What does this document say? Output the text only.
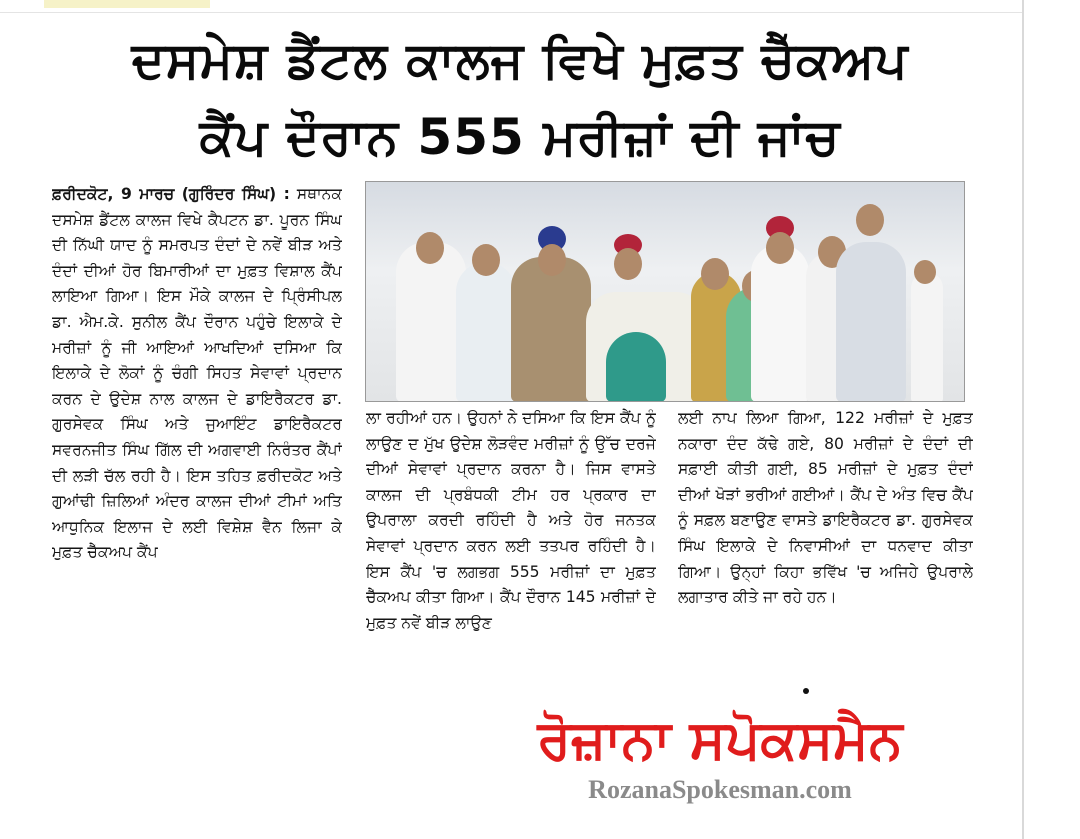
ਦਸਮੇਸ਼ ਡੈਂਟਲ ਕਾਲਜ ਵਿਖੇ ਮੁਫ਼ਤ ਚੈੱਕਅਪ
ਕੈਂਪ ਦੌਰਾਨ 555 ਮਰੀਜ਼ਾਂ ਦੀ ਜਾਂਚ
ਫ਼ਰੀਦਕੋਟ, 9 ਮਾਰਚ (ਗੁਰਿੰਦਰ ਸਿੰਘ) : ਸਥਾਨਕ ਦਸਮੇਸ਼ ਡੈਂਟਲ ਕਾਲਜ ਵਿਖੇ ਕੈਪਟਨ ਡਾ. ਪੂਰਨ ਸਿੰਘ ਦੀ ਨਿੱਘੀ ਯਾਦ ਨੂੰ ਸਮਰਪਤ ਦੰਦਾਂ ਦੇ ਨਵੇਂ ਬੀੜ ਅਤੇ ਦੰਦਾਂ ਦੀਆਂ ਹੋਰ ਬਿਮਾਰੀਆਂ ਦਾ ਮੁਫ਼ਤ ਵਿਸ਼ਾਲ ਕੈਂਪ ਲਾਇਆ ਗਿਆ। ਇਸ ਮੌਕੇ ਕਾਲਜ ਦੇ ਪ੍ਰਿੰਸੀਪਲ ਡਾ. ਐਮ.ਕੇ. ਸੁਨੀਲ ਕੈਂਪ ਦੌਰਾਨ ਪਹੁੰਚੇ ਇਲਾਕੇ ਦੇ ਮਰੀਜ਼ਾਂ ਨੂੰ ਜੀ ਆਇਆਂ ਆਖਦਿਆਂ ਦਸਿਆ ਕਿ ਇਲਾਕੇ ਦੇ ਲੋਕਾਂ ਨੂੰ ਚੰਗੀ ਸਿਹਤ ਸੇਵਾਵਾਂ ਪ੍ਰਦਾਨ ਕਰਨ ਦੇ ਉਦੇਸ਼ ਨਾਲ ਕਾਲਜ ਦੇ ਡਾਇਰੈਕਟਰ ਡਾ. ਗੁਰਸੇਵਕ ਸਿੰਘ ਅਤੇ ਜੁਆਇੰਟ ਡਾਇਰੈਕਟਰ ਸਵਰਨਜੀਤ ਸਿੰਘ ਗਿੱਲ ਦੀ ਅਗਵਾਈ ਨਿਰੰਤਰ ਕੈਂਪਾਂ ਦੀ ਲੜੀ ਚੱਲ ਰਹੀ ਹੈ। ਇਸ ਤਹਿਤ ਫ਼ਰੀਦਕੋਟ ਅਤੇ ਗੁਆਂਢੀ ਜ਼ਿਲਿਆਂ ਅੰਦਰ ਕਾਲਜ ਦੀਆਂ ਟੀਮਾਂ ਅਤਿ ਆਧੁਨਿਕ ਇਲਾਜ ਦੇ ਲਈ ਵਿਸ਼ੇਸ਼ ਵੈਨ ਲਿਜਾ ਕੇ ਮੁਫ਼ਤ ਚੈੱਕਅਪ ਕੈਂਪ
ਲਾ ਰਹੀਆਂ ਹਨ। ਉਹਨਾਂ ਨੇ ਦਸਿਆ ਕਿ ਇਸ ਕੈਂਪ ਨੂੰ ਲਾਉਣ ਦ ਮੁੱਖ ਉਦੇਸ਼ ਲੋੜਵੰਦ ਮਰੀਜ਼ਾਂ ਨੂੰ ਉੱਚ ਦਰਜੇ ਦੀਆਂ ਸੇਵਾਵਾਂ ਪ੍ਰਦਾਨ ਕਰਨਾ ਹੈ। ਜਿਸ ਵਾਸਤੇ ਕਾਲਜ ਦੀ ਪ੍ਰਬੰਧਕੀ ਟੀਮ ਹਰ ਪ੍ਰਕਾਰ ਦਾ ਉਪਰਾਲਾ ਕਰਦੀ ਰਹਿੰਦੀ ਹੈ ਅਤੇ ਹੋਰ ਜਨਤਕ ਸੇਵਾਵਾਂ ਪ੍ਰਦਾਨ ਕਰਨ ਲਈ ਤਤਪਰ ਰਹਿੰਦੀ ਹੈ। ਇਸ ਕੈਂਪ 'ਚ ਲਗਭਗ 555 ਮਰੀਜ਼ਾਂ ਦਾ ਮੁਫ਼ਤ ਚੈੱਕਅਪ ਕੀਤਾ ਗਿਆ। ਕੈਂਪ ਦੌਰਾਨ 145 ਮਰੀਜ਼ਾਂ ਦੇ ਮੁਫ਼ਤ ਨਵੇਂ ਬੀੜ ਲਾਉਣ
ਲਈ ਨਾਪ ਲਿਆ ਗਿਆ, 122 ਮਰੀਜ਼ਾਂ ਦੇ ਮੁਫ਼ਤ ਨਕਾਰਾ ਦੰਦ ਕੱਢੇ ਗਏ, 80 ਮਰੀਜ਼ਾਂ ਦੇ ਦੰਦਾਂ ਦੀ ਸਫ਼ਾਈ ਕੀਤੀ ਗਈ, 85 ਮਰੀਜ਼ਾਂ ਦੇ ਮੁਫ਼ਤ ਦੰਦਾਂ ਦੀਆਂ ਖੋੜਾਂ ਭਰੀਆਂ ਗਈਆਂ। ਕੈਂਪ ਦੇ ਅੰਤ ਵਿਚ ਕੈਂਪ ਨੂੰ ਸਫ਼ਲ ਬਣਾਉਣ ਵਾਸਤੇ ਡਾਇਰੈਕਟਰ ਡਾ. ਗੁਰਸੇਵਕ ਸਿੰਘ ਇਲਾਕੇ ਦੇ ਨਿਵਾਸੀਆਂ ਦਾ ਧਨਵਾਦ ਕੀਤਾ ਗਿਆ। ਉਨ੍ਹਾਂ ਕਿਹਾ ਭਵਿੱਖ 'ਚ ਅਜਿਹੇ ਉਪਰਾਲੇ ਲਗਾਤਾਰ ਕੀਤੇ ਜਾ ਰਹੇ ਹਨ।
ਰੋਜ਼ਾਨਾ ਸਪੋਕਸਮੈਨ
RozanaSpokesman.com
